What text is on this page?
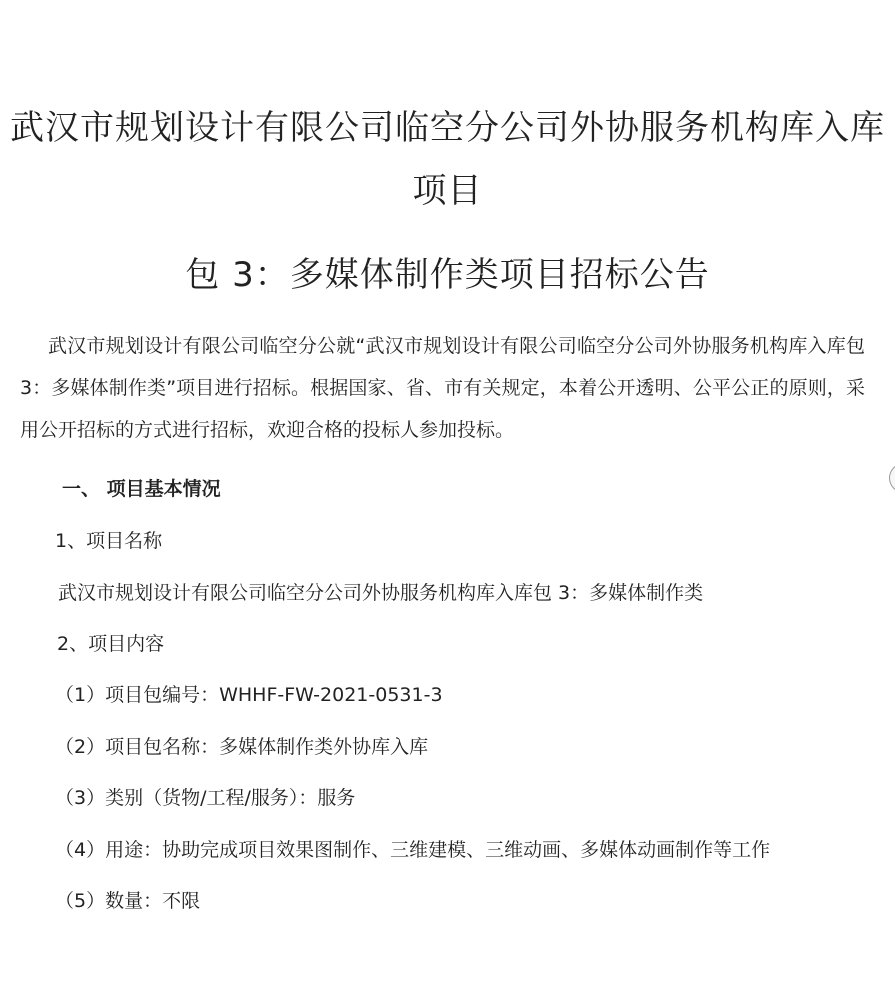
武汉市规划设计有限公司临空分公司外协服务机构库入库
项目
包 3：多媒体制作类项目招标公告
武汉市规划设计有限公司临空分公就“武汉市规划设计有限公司临空分公司外协服务机构库入库包 3：多媒体制作类”项目进行招标。根据国家、省、市有关规定，本着公开透明、公平公正的原则，采用公开招标的方式进行招标，欢迎合格的投标人参加投标。
一、 项目基本情况
1、项目名称
武汉市规划设计有限公司临空分公司外协服务机构库入库包 3：多媒体制作类
2、项目内容
（1）项目包编号：WHHF-FW-2021-0531-3
（2）项目包名称：多媒体制作类外协库入库
（3）类别（货物/工程/服务）：服务
（4）用途：协助完成项目效果图制作、三维建模、三维动画、多媒体动画制作等工作
（5）数量：不限
